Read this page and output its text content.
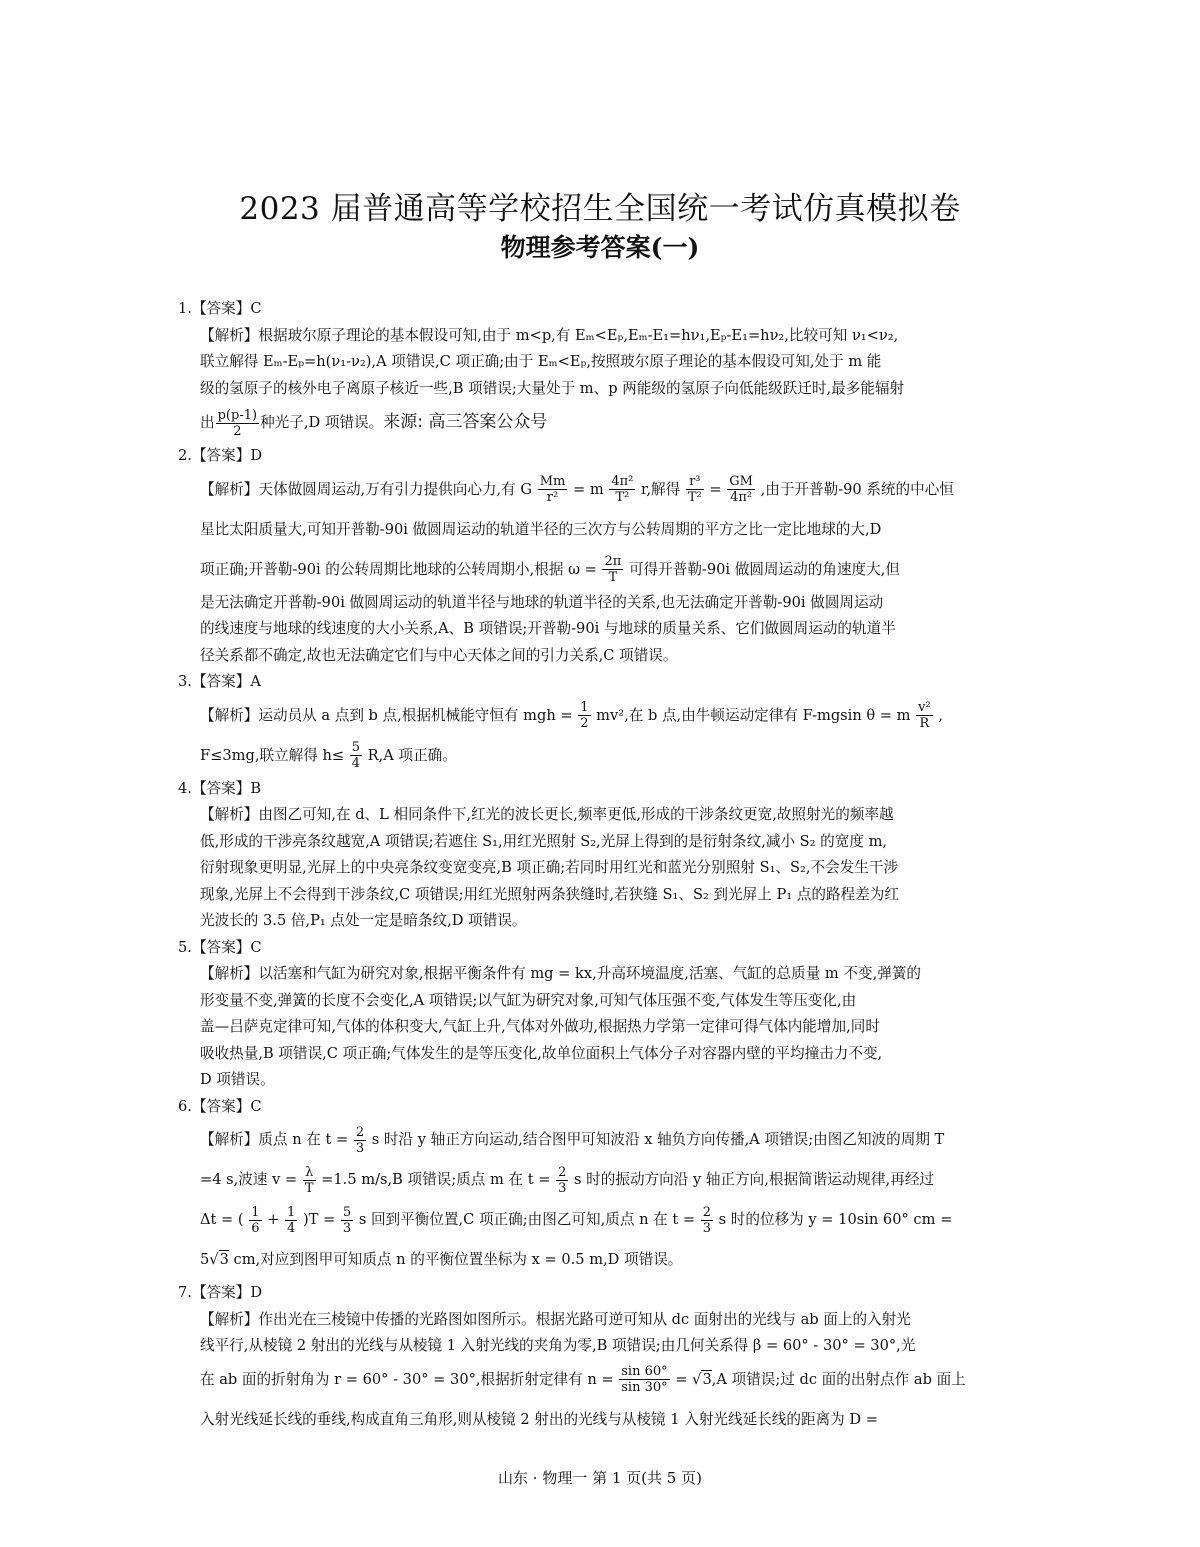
2023 届普通高等学校招生全国统一考试仿真模拟卷
物理参考答案(一)
1.【答案】C
【解析】根据玻尔原子理论的基本假设可知,由于 m<p,有 Eₘ<Eₚ,Eₘ-E₁=hν₁,Eₚ-E₁=hν₂,比较可知 ν₁<ν₂,
联立解得 Eₘ-Eₚ=h(ν₁-ν₂),A 项错误,C 项正确;由于 Eₘ<Eₚ,按照玻尔原子理论的基本假设可知,处于 m 能
级的氢原子的核外电子离原子核近一些,B 项错误;大量处于 m、p 两能级的氢原子向低能级跃迁时,最多能辐射
出 $\frac{p(p-1)}{2}$ 种光子,D 项错误。来源: 高三答案公众号
2.【答案】D
【解析】天体做圆周运动,万有引力提供向心力,有 G $\frac{Mm}{\text{r²}} = m \frac{\text{4π²}}{\text{T²}} r$,解得 $\frac{\text{r³}}{\text{T²}} = \frac{GM}{\text{4π²}}$ ,由于开普勒-90 系统的中心恒
星比太阳质量大,可知开普勒-90i 做圆周运动的轨道半径的三次方与公转周期的平方之比一定比地球的大,D
项正确;开普勒-90i 的公转周期比地球的公转周期小,根据 $\omega = \frac{2\pi}{T}$ 可得开普勒-90i 做圆周运动的角速度大,但
是无法确定开普勒-90i 做圆周运动的轨道半径与地球的轨道半径的关系,也无法确定开普勒-90i 做圆周运动
的线速度与地球的线速度的大小关系,A、B 项错误;开普勒-90i 与地球的质量关系、它们做圆周运动的轨道半
径关系都不确定,故也无法确定它们与中心天体之间的引力关系,C 项错误。
3.【答案】A
【解析】运动员从 a 点到 b 点,根据机械能守恒有 mgh = $\frac{1}{2} mv^2$,在 b 点,由牛顿运动定律有 F-mgsin θ = m $\frac{\text{v²}}{R}$ ,
F≤3mg,联立解得 $h\le \frac{5}{4} R,A$ 项正确。
4.【答案】B
【解析】由图乙可知,在 d、L 相同条件下,红光的波长更长,频率更低,形成的干涉条纹更宽,故照射光的频率越
低,形成的干涉亮条纹越宽,A 项错误;若遮住 S₁,用红光照射 S₂,光屏上得到的是衍射条纹,减小 S₂ 的宽度 m,
衍射现象更明显,光屏上的中央亮条纹变宽变亮,B 项正确;若同时用红光和蓝光分别照射 S₁、S₂,不会发生干涉
现象,光屏上不会得到干涉条纹,C 项错误;用红光照射两条狭缝时,若狭缝 S₁、S₂ 到光屏上 P₁ 点的路程差为红
光波长的 3.5 倍,P₁ 点处一定是暗条纹,D 项错误。
5.【答案】C
【解析】以活塞和气缸为研究对象,根据平衡条件有 mg = kx,升高环境温度,活塞、气缸的总质量 m 不变,弹簧的
形变量不变,弹簧的长度不会变化,A 项错误;以气缸为研究对象,可知气体压强不变,气体发生等压变化,由
盖—吕萨克定律可知,气体的体积变大,气缸上升,气体对外做功,根据热力学第一定律可得气体内能增加,同时
吸收热量,B 项错误,C 项正确;气体发生的是等压变化,故单位面积上气体分子对容器内壁的平均撞击力不变,
D 项错误。
6.【答案】C
【解析】质点 n 在 $t = \frac{2}{3}$ s 时沿 y 轴正方向运动,结合图甲可知波沿 x 轴负方向传播,A 项错误;由图乙知波的周期 T
=4 s,波速 $v = \frac{\lambda}{T} =1.5$ m/s,B 项错误;质点 m 在 $t = \frac{2}{3}$ s 时的振动方向沿 y 轴正方向,根据简谐运动规律,再经过
Δt = ( $\frac{1}{6} + \frac{1}{4} )T = \frac{5}{3}$ s 回到平衡位置,C 项正确;由图乙可知,质点 n 在 $t = \frac{2}{3}$ s 时的位移为 y = 10sin 60° cm =
5√3 cm,对应到图甲可知质点 n 的平衡位置坐标为 x = 0.5 m,D 项错误。
7.【答案】D
【解析】作出光在三棱镜中传播的光路图如图所示。根据光路可逆可知从 dc 面射出的光线与 ab 面上的入射光
线平行,从棱镜 2 射出的光线与从棱镜 1 入射光线的夹角为零,B 项错误;由几何关系得 β = 60° - 30° = 30°,光
在 ab 面的折射角为 r = 60° - 30° = 30°,根据折射定律有 $n = \frac{\sin 60^\circ}{\sin 30^\circ} = √3,A$ 项错误;过 dc 面的出射点作 ab 面上
入射光线延长线的垂线,构成直角三角形,则从棱镜 2 射出的光线与从棱镜 1 入射光线延长线的距离为 D =
山东 · 物理一 第 1 页(共 5 页)
